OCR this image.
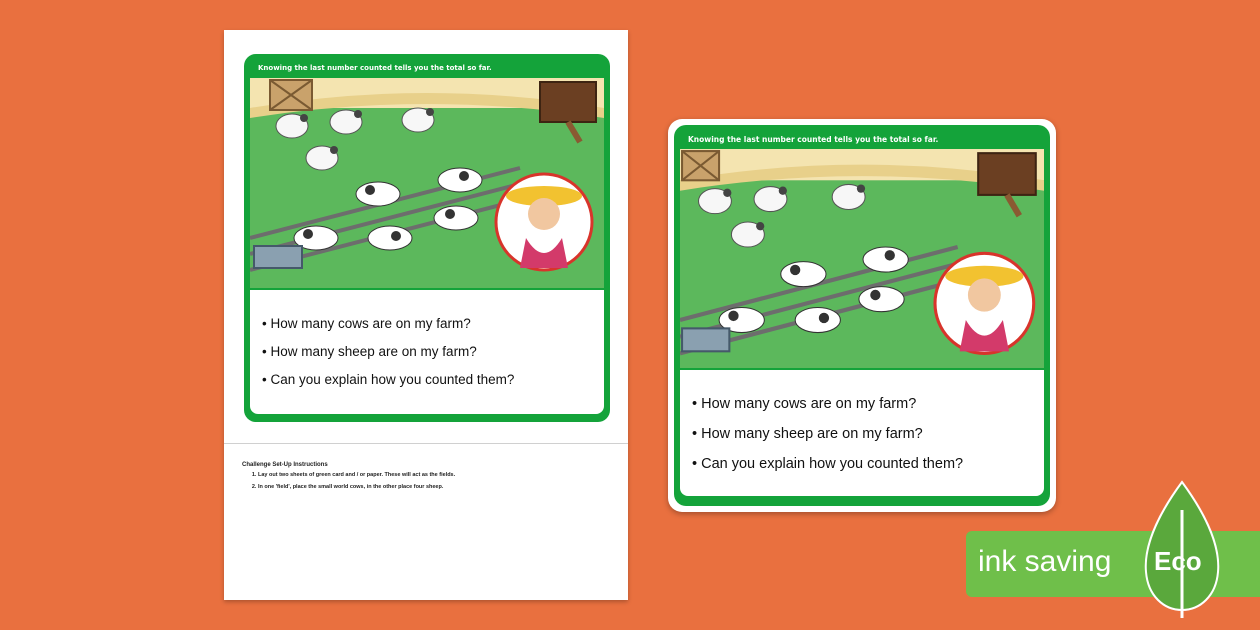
Knowing the last number counted tells you the total so far.
• How many cows are on my farm?
• How many sheep are on my farm?
• Can you explain how you counted them?
Challenge Set-Up Instructions
1. Lay out two sheets of green card and / or paper. These will act as the fields.
2. In one 'field', place the small world cows, in the other place four sheep.
Knowing the last number counted tells you the total so far.
• How many cows are on my farm?
• How many sheep are on my farm?
• Can you explain how you counted them?
ink saving Eco
